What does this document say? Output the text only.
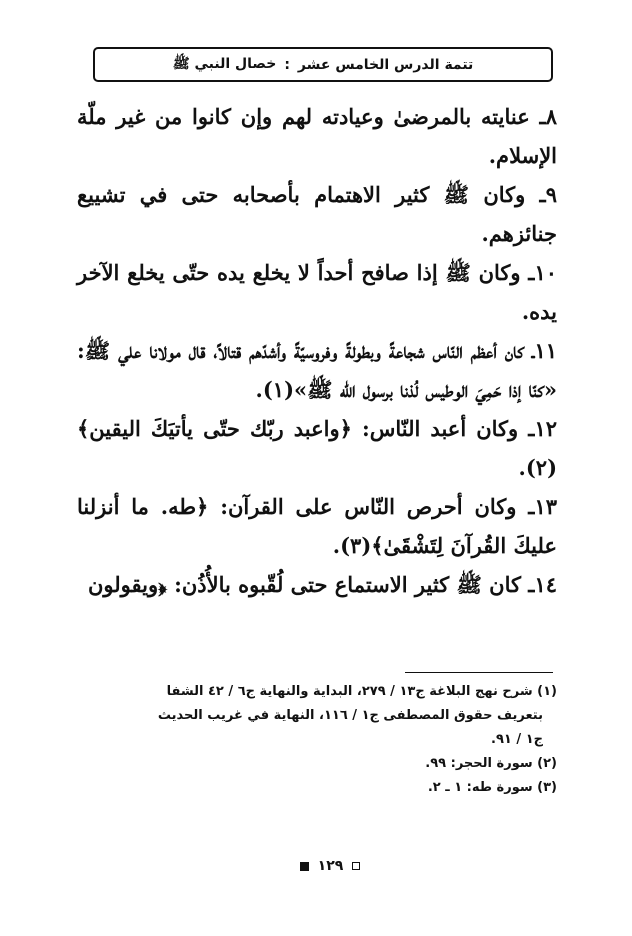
تتمة الدرس الخامس عشر
:
خصال النبي ﷺ

٨ـ عنايته بالمرضىٰ وعيادته لهم وإن كانوا من غير ملّة الإسلام.

٩ـ وكان ﷺ كثير الاهتمام بأصحابه حتى في تشييع جنائزهم.

١٠ـ وكان ﷺ إذا صافح أحداً لا يخلع يده حتّى يخلع الآخر يده.

١١ـ كان أعظم النّاس شجاعةً وبطولةً وفروسيّةً وأشدّهم قتالاً، قال مولانا علي ﷺ: «كنّا إذا حَمِيَ الوطيس لُذنا برسول الله ﷺ»(١).

١٢ـ وكان أعبد النّاس: ﴿واعبد ربّك حتّى يأتيَكَ اليقين﴾(٢).

١٣ـ وكان أحرص النّاس على القرآن: ﴿طه. ما أنزلنا عليكَ القُرآنَ لِتَشْقَىٰ﴾(٣).

١٤ـ كان ﷺ كثير الاستماع حتى لُقّبوه بالأُذُن: ﴿ويقولون

(١) شرح نهج البلاغة ج١٣ / ٢٧٩، البداية والنهاية ج٦ / ٤٢ الشفا

بتعريف حقوق المصطفى ج١ / ١١٦، النهاية في غريب الحديث

ج١ / ٩١.

(٢) سورة الحجر: ٩٩.

(٣) سورة طه: ١ ـ ٢.

١٢٩
